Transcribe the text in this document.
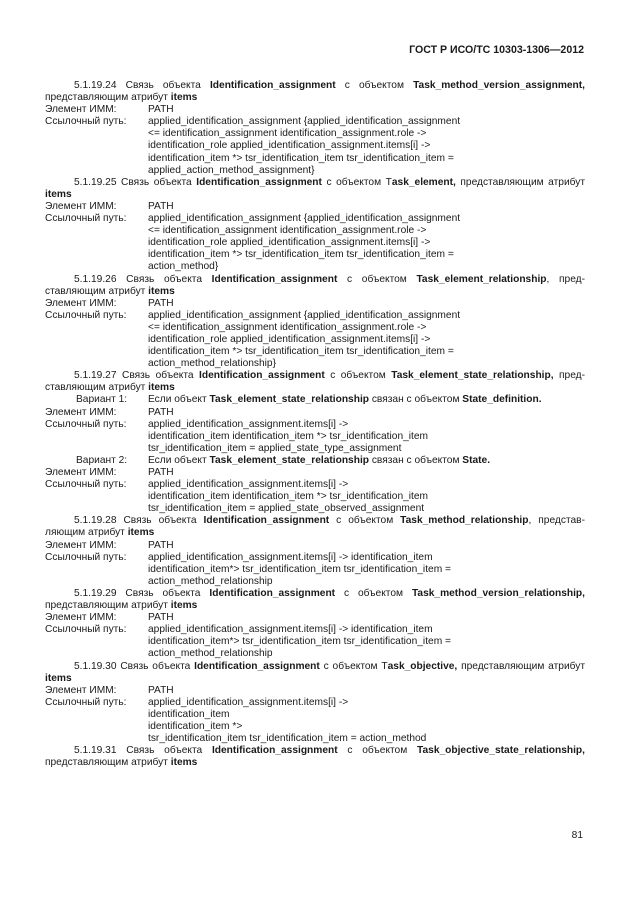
ГОСТ Р ИСО/ТС 10303-1306—2012
5.1.19.24 Связь объекта Identification_assignment с объектом Task_method_version_assignment, представляющим атрибут items
Элемент ИММ:	PATH
Ссылочный путь:	applied_identification_assignment {applied_identification_assignment
<= identification_assignment identification_assignment.role ->
identification_role applied_identification_assignment.items[i] ->
identification_item *> tsr_identification_item tsr_identification_item =
applied_action_method_assignment}
5.1.19.25 Связь объекта Identification_assignment с объектом Тask_element, представляющим атрибут items
Элемент ИММ:	PATH
Ссылочный путь:	applied_identification_assignment {applied_identification_assignment
<= identification_assignment identification_assignment.role ->
identification_role applied_identification_assignment.items[i] ->
identification_item *> tsr_identification_item tsr_identification_item =
action_method}
5.1.19.26 Связь объекта Identification_assignment с объектом Task_element_relationship, пред-ставляющим атрибут items
Элемент ИММ:	PATH
Ссылочный путь:	applied_identification_assignment {applied_identification_assignment
<= identification_assignment identification_assignment.role ->
identification_role applied_identification_assignment.items[i] ->
identification_item *> tsr_identification_item tsr_identification_item =
action_method_relationship}
5.1.19.27 Связь объекта Identification_assignment с объектом Task_element_state_relationship, пред-ставляющим атрибут items
Вариант 1:	Если объект Task_element_state_relationship связан с объектом State_definition.
Элемент ИММ:	PATH
Ссылочный путь:	applied_identification_assignment.items[i] ->
identification_item identification_item *> tsr_identification_item
tsr_identification_item = applied_state_type_assignment
Вариант 2:	Если объект Task_element_state_relationship связан с объектом State.
Элемент ИММ:	PATH
Ссылочный путь:	applied_identification_assignment.items[i] ->
identification_item identification_item *> tsr_identification_item
tsr_identification_item = applied_state_observed_assignment
5.1.19.28 Связь объекта Identification_assignment с объектом Task_method_relationship, представ-ляющим атрибут items
Элемент ИММ:	PATH
Ссылочный путь:	applied_identification_assignment.items[i] -> identification_item
identification_item*> tsr_identification_item tsr_identification_item =
action_method_relationship
5.1.19.29 Связь объекта Identification_assignment с объектом Task_method_version_relationship, представляющим атрибут items
Элемент ИММ:	PATH
Ссылочный путь:	applied_identification_assignment.items[i] -> identification_item
identification_item*> tsr_identification_item tsr_identification_item =
action_method_relationship
5.1.19.30 Связь объекта Identification_assignment с объектом Тask_objective, представляющим атрибут items
Элемент ИММ:	PATH
Ссылочный путь:	applied_identification_assignment.items[i] ->
identification_item
identification_item *>
tsr_identification_item tsr_identification_item = action_method
5.1.19.31 Связь объекта Identification_assignment с объектом Task_objective_state_relationship, представляющим атрибут items
81
